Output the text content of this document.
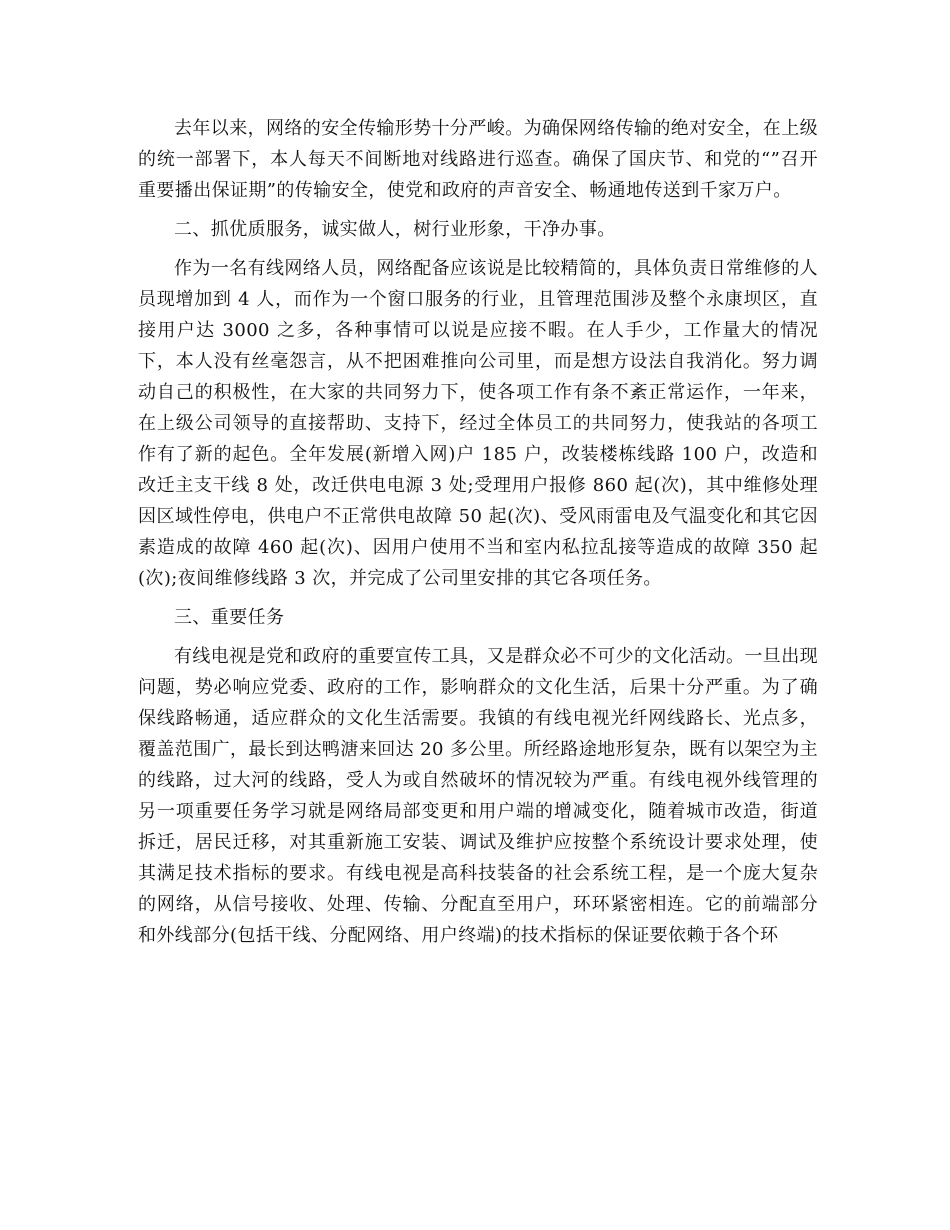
去年以来，网络的安全传输形势十分严峻。为确保网络传输的绝对安全，在上级的统一部署下，本人每天不间断地对线路进行巡查。确保了国庆节、和党的“”召开重要播出保证期”的传输安全，使党和政府的声音安全、畅通地传送到千家万户。

二、抓优质服务，诚实做人，树行业形象，干净办事。

作为一名有线网络人员，网络配备应该说是比较精简的，具体负责日常维修的人员现增加到 4 人，而作为一个窗口服务的行业，且管理范围涉及整个永康坝区，直接用户达 3000 之多，各种事情可以说是应接不暇。在人手少，工作量大的情况下，本人没有丝毫怨言，从不把困难推向公司里，而是想方设法自我消化。努力调动自己的积极性，在大家的共同努力下，使各项工作有条不紊正常运作，一年来，在上级公司领导的直接帮助、支持下，经过全体员工的共同努力，使我站的各项工作有了新的起色。全年发展(新增入网)户 185 户，改装楼栋线路 100 户，改造和改迁主支干线 8 处，改迁供电电源 3 处;受理用户报修 860 起(次)，其中维修处理因区域性停电，供电户不正常供电故障 50 起(次)、受风雨雷电及气温变化和其它因素造成的故障 460 起(次)、因用户使用不当和室内私拉乱接等造成的故障 350 起(次);夜间维修线路 3 次，并完成了公司里安排的其它各项任务。

三、重要任务

有线电视是党和政府的重要宣传工具，又是群众必不可少的文化活动。一旦出现问题，势必响应党委、政府的工作，影响群众的文化生活，后果十分严重。为了确保线路畅通，适应群众的文化生活需要。我镇的有线电视光纤网线路长、光点多，覆盖范围广，最长到达鸭溏来回达 20 多公里。所经路途地形复杂，既有以架空为主的线路，过大河的线路，受人为或自然破坏的情况较为严重。有线电视外线管理的另一项重要任务学习就是网络局部变更和用户端的增减变化，随着城市改造，街道拆迁，居民迁移，对其重新施工安装、调试及维护应按整个系统设计要求处理，使其满足技术指标的要求。有线电视是高科技装备的社会系统工程，是一个庞大复杂的网络，从信号接收、处理、传输、分配直至用户，环环紧密相连。它的前端部分和外线部分(包括干线、分配网络、用户终端)的技术指标的保证要依赖于各个环
